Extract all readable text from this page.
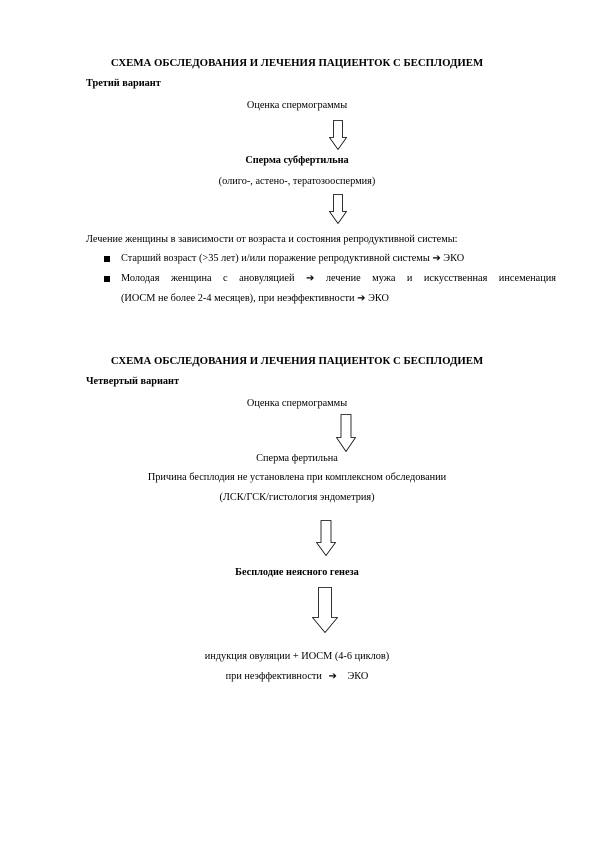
СХЕМА ОБСЛЕДОВАНИЯ И ЛЕЧЕНИЯ ПАЦИЕНТОК С БЕСПЛОДИЕМ
Третий вариант
Оценка спермограммы
Сперма субфертильна
(олиго-, астено-, тератозооспермия)
Лечение женщины в зависимости от возраста и состояния репродуктивной системы:
Старший возраст (>35 лет) и/или поражение репродуктивной системы ➔ ЭКО
Молодая женщина с ановуляцией ➔ лечение мужа и искусственная инсеменация
(ИОСМ не более 2-4 месяцев), при неэффективности ➔ ЭКО
СХЕМА ОБСЛЕДОВАНИЯ И ЛЕЧЕНИЯ ПАЦИЕНТОК С БЕСПЛОДИЕМ
Четвертый вариант
Оценка спермограммы
Сперма фертильна
Причина бесплодия не установлена при комплексном обследовании
(ЛСК/ГСК/гистология эндометрия)
Бесплодие неясного генеза
индукция овуляции + ИОСМ (4-6 циклов)
при неэффективности ➔ ЭКО
